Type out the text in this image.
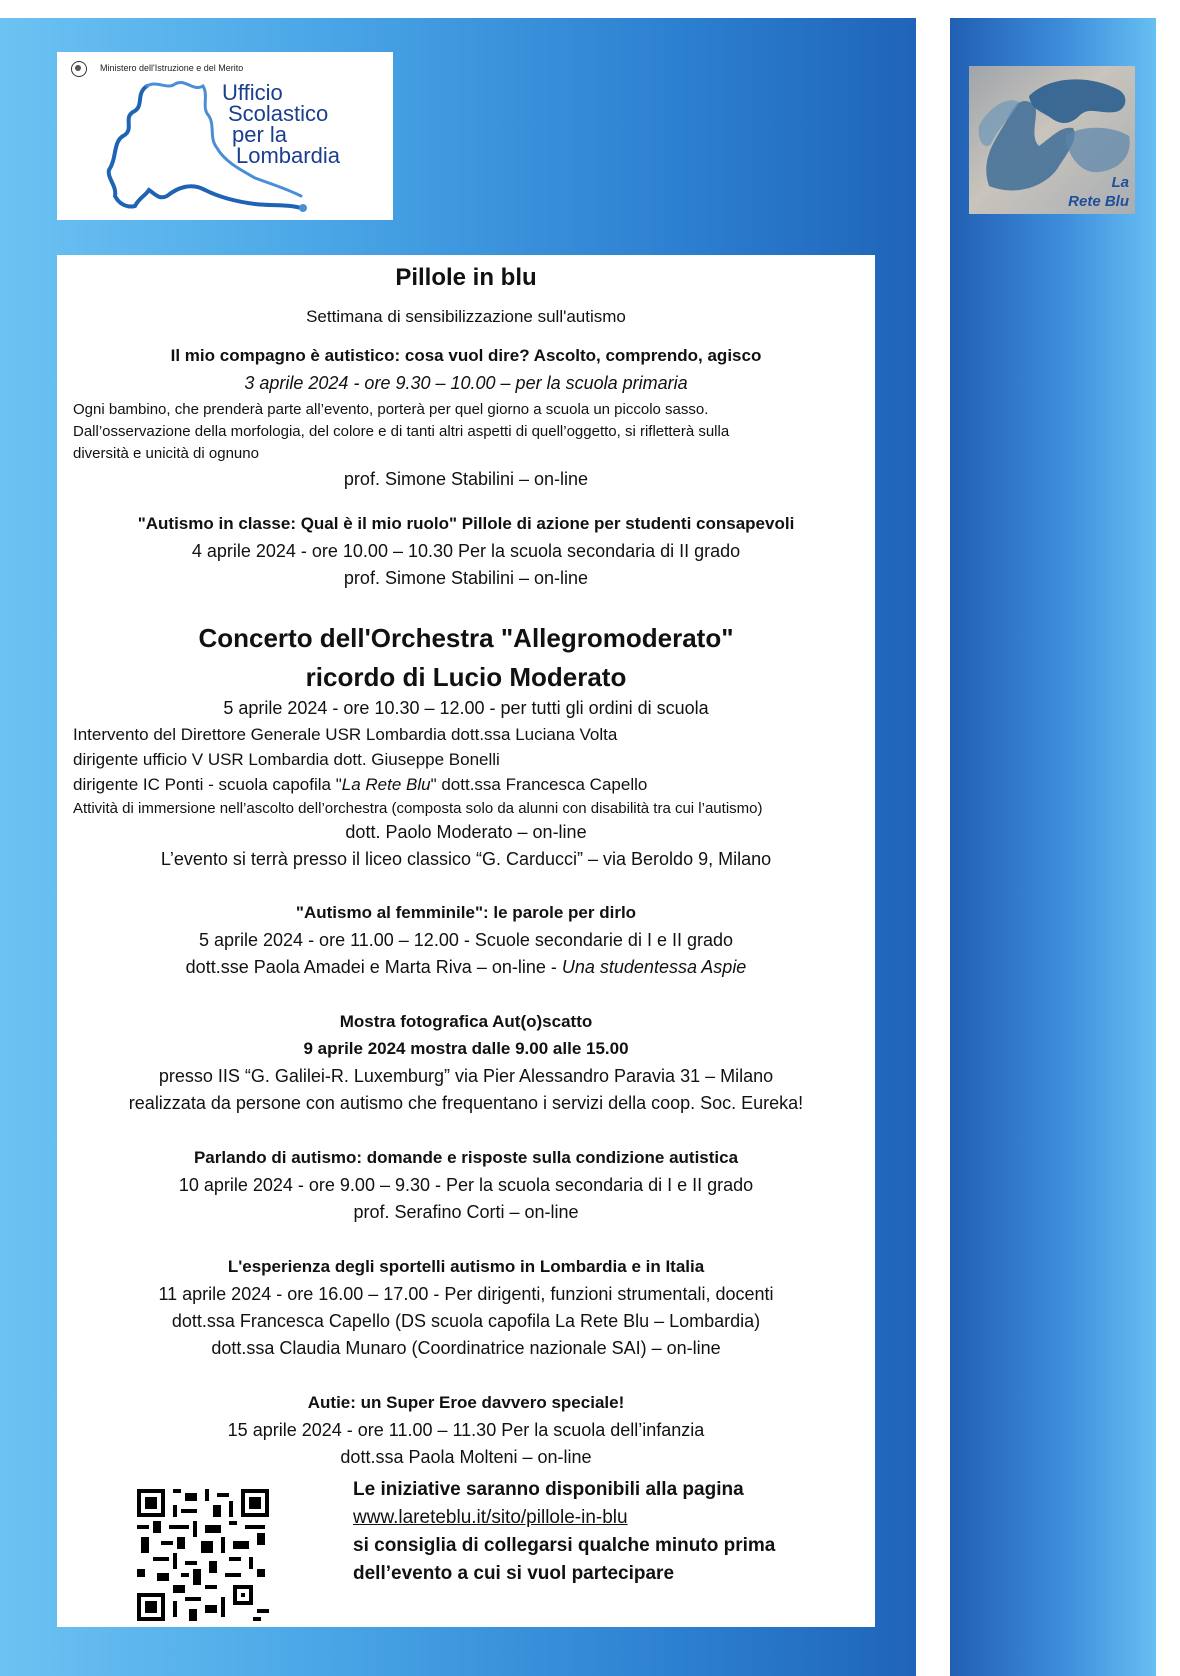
Ministero dell'Istruzione e del Merito
Ufficio
Scolastico
per la
Lombardia
La
Rete Blu
Pillole in blu
Settimana di sensibilizzazione sull'autismo
Il mio compagno è autistico: cosa vuol dire? Ascolto, comprendo, agisco
3 aprile 2024 - ore 9.30 – 10.00 – per la scuola primaria
Ogni bambino, che prenderà parte all’evento, porterà per quel giorno a scuola un piccolo sasso.
Dall’osservazione della morfologia, del colore e di tanti altri aspetti di quell’oggetto, si rifletterà sulla
diversità e unicità di ognuno
prof. Simone Stabilini – on-line
"Autismo in classe: Qual è il mio ruolo" Pillole di azione per studenti consapevoli
4 aprile 2024 - ore 10.00 – 10.30 Per la scuola secondaria di II grado
prof. Simone Stabilini – on-line
Concerto dell'Orchestra "Allegromoderato"
ricordo di Lucio Moderato
5 aprile 2024 - ore 10.30 – 12.00 - per tutti gli ordini di scuola
Intervento del Direttore Generale USR Lombardia dott.ssa Luciana Volta
dirigente ufficio V USR Lombardia dott. Giuseppe Bonelli
dirigente IC Ponti - scuola capofila "La Rete Blu" dott.ssa Francesca Capello
Attività di immersione nell’ascolto dell’orchestra (composta solo da alunni con disabilità tra cui l’autismo)
dott. Paolo Moderato – on-line
L’evento si terrà presso il liceo classico “G. Carducci” – via Beroldo 9, Milano
"Autismo al femminile": le parole per dirlo
5 aprile 2024 - ore 11.00 – 12.00 - Scuole secondarie di I e II grado
dott.sse Paola Amadei e Marta Riva – on-line - Una studentessa Aspie
Mostra fotografica Aut(o)scatto
9 aprile 2024 mostra dalle 9.00 alle 15.00
presso IIS “G. Galilei-R. Luxemburg” via Pier Alessandro Paravia 31 – Milano
realizzata da persone con autismo che frequentano i servizi della coop. Soc. Eureka!
Parlando di autismo: domande e risposte sulla condizione autistica
10 aprile 2024 - ore 9.00 – 9.30 - Per la scuola secondaria di I e II grado
prof. Serafino Corti – on-line
L'esperienza degli sportelli autismo in Lombardia e in Italia
11 aprile 2024 - ore 16.00 – 17.00 - Per dirigenti, funzioni strumentali, docenti
dott.ssa Francesca Capello (DS scuola capofila La Rete Blu – Lombardia)
dott.ssa Claudia Munaro (Coordinatrice nazionale SAI) – on-line
Autie: un Super Eroe davvero speciale!
15 aprile 2024 - ore 11.00 – 11.30 Per la scuola dell’infanzia
dott.ssa Paola Molteni – on-line
Le iniziative saranno disponibili alla pagina
www.lareteblu.it/sito/pillole-in-blu
si consiglia di collegarsi qualche minuto prima
dell’evento a cui si vuol partecipare
